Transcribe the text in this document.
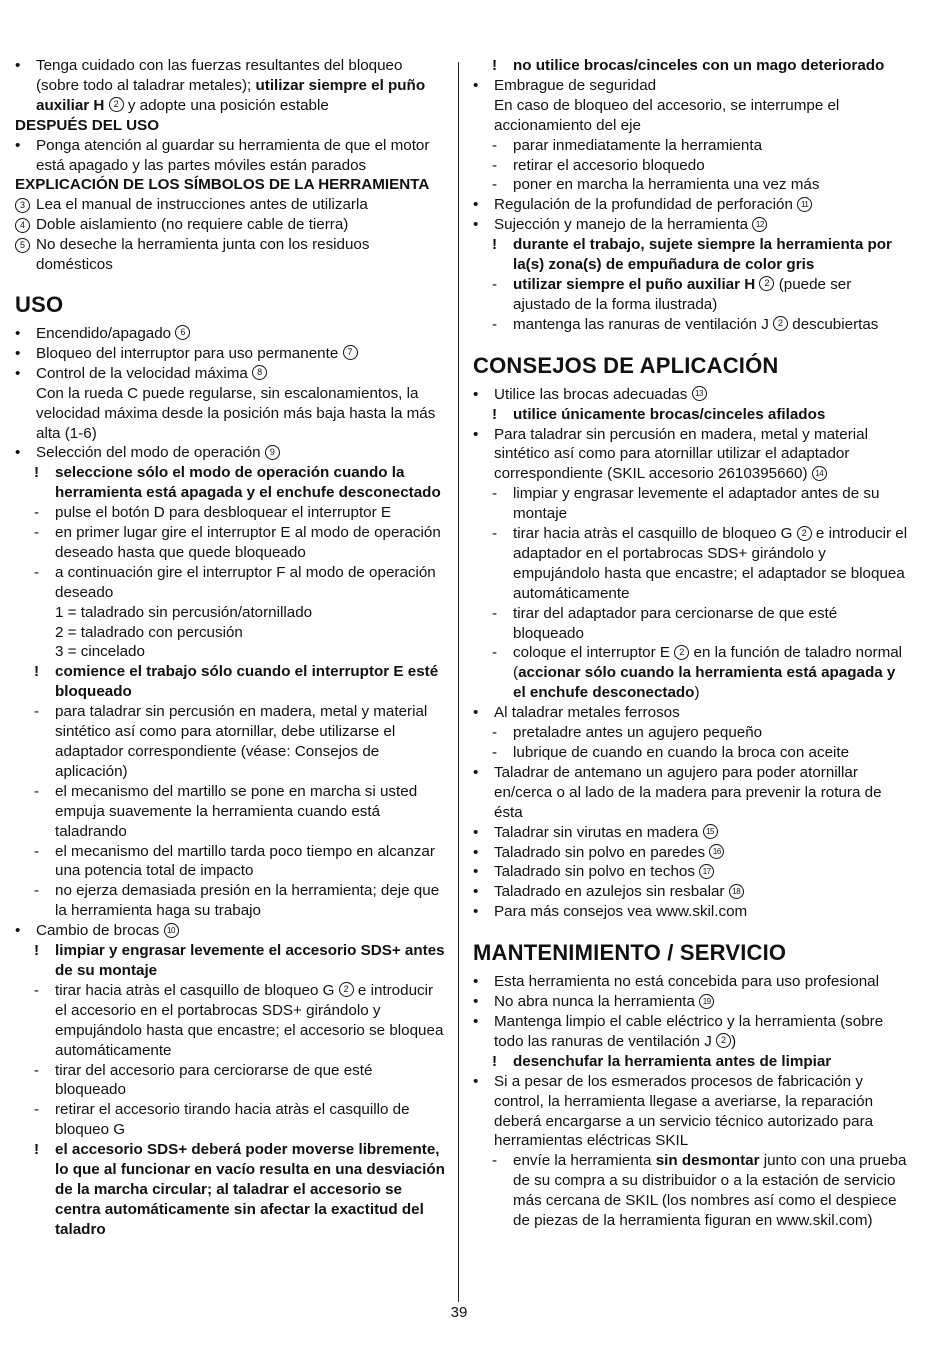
• Tenga cuidado con las fuerzas resultantes del bloqueo (sobre todo al taladrar metales); utilizar siempre el puño auxiliar H 2 y adopte una posición estable
DESPUÉS DEL USO
• Ponga atención al guardar su herramienta de que el motor está apagado y las partes móviles están parados
EXPLICACIÓN DE LOS SÍMBOLOS DE LA HERRAMIENTA
3 Lea el manual de instrucciones antes de utilizarla
4 Doble aislamiento (no requiere cable de tierra)
5 No deseche la herramienta junta con los residuos domésticos
USO
• Encendido/apagado 6
• Bloqueo del interruptor para uso permanente 7
• Control de la velocidad máxima 8
Con la rueda C puede regularse, sin escalonamientos, la velocidad máxima desde la posición más baja hasta la más alta (1-6)
• Selección del modo de operación 9
! seleccione sólo el modo de operación cuando la herramienta está apagada y el enchufe desconectado
- pulse el botón D para desbloquear el interruptor E
- en primer lugar gire el interruptor E al modo de operación deseado hasta que quede bloqueado
- a continuación gire el interruptor F al modo de operación deseado
1 = taladrado sin percusión/atornillado
2 = taladrado con percusión
3 = cincelado
! comience el trabajo sólo cuando el interruptor E esté bloqueado
- para taladrar sin percusión en madera, metal y material sintético así como para atornillar, debe utilizarse el adaptador correspondiente (véase: Consejos de aplicación)
- el mecanismo del martillo se pone en marcha si usted empuja suavemente la herramienta cuando está taladrando
- el mecanismo del martillo tarda poco tiempo en alcanzar una potencia total de impacto
- no ejerza demasiada presión en la herramienta; deje que la herramienta haga su trabajo
• Cambio de brocas 10
! limpiar y engrasar levemente el accesorio SDS+ antes de su montaje
- tirar hacia atràs el casquillo de bloqueo G 2 e introducir el accesorio en el portabrocas SDS+ girándolo y empujándolo hasta que encastre; el accesorio se bloquea automáticamente
- tirar del accesorio para cerciorarse de que esté bloqueado
- retirar el accesorio tirando hacia atràs el casquillo de bloqueo G
! el accesorio SDS+ deberá poder moverse libremente, lo que al funcionar en vacío resulta en una desviación de la marcha circular; al taladrar el accesorio se centra automáticamente sin afectar la exactitud del taladro
! no utilice brocas/cinceles con un mago deteriorado
• Embrague de seguridad
En caso de bloqueo del accesorio, se interrumpe el accionamiento del eje
- parar inmediatamente la herramienta
- retirar el accesorio bloquedo
- poner en marcha la herramienta una vez más
• Regulación de la profundidad de perforación 11
• Sujección y manejo de la herramienta 12
! durante el trabajo, sujete siempre la herramienta por la(s) zona(s) de empuñadura de color gris
- utilizar siempre el puño auxiliar H 2 (puede ser ajustado de la forma ilustrada)
- mantenga las ranuras de ventilación J 2 descubiertas
CONSEJOS DE APLICACIÓN
• Utilice las brocas adecuadas 13
! utilice únicamente brocas/cinceles afilados
• Para taladrar sin percusión en madera, metal y material sintético así como para atornillar utilizar el adaptador correspondiente (SKIL accesorio 2610395660) 14
- limpiar y engrasar levemente el adaptador antes de su montaje
- tirar hacia atràs el casquillo de bloqueo G 2 e introducir el adaptador en el portabrocas SDS+ girándolo y empujándolo hasta que encastre; el adaptador se bloquea automáticamente
- tirar del adaptador para cercionarse de que esté bloqueado
- coloque el interruptor E 2 en la función de taladro normal (accionar sólo cuando la herramienta está apagada y el enchufe desconectado)
• Al taladrar metales ferrosos
- pretaladre antes un agujero pequeño
- lubrique de cuando en cuando la broca con aceite
• Taladrar de antemano un agujero para poder atornillar en/cerca o al lado de la madera para prevenir la rotura de ésta
• Taladrar sin virutas en madera 15
• Taladrado sin polvo en paredes 16
• Taladrado sin polvo en techos 17
• Taladrado en azulejos sin resbalar 18
• Para más consejos vea www.skil.com
MANTENIMIENTO / SERVICIO
• Esta herramienta no está concebida para uso profesional
• No abra nunca la herramienta 19
• Mantenga limpio el cable eléctrico y la herramienta (sobre todo las ranuras de ventilación J 2 )
! desenchufar la herramienta antes de limpiar
• Si a pesar de los esmerados procesos de fabricación y control, la herramienta llegase a averiarse, la reparación deberá encargarse a un servicio técnico autorizado para herramientas eléctricas SKIL
- envíe la herramienta sin desmontar junto con una prueba de su compra a su distribuidor o a la estación de servicio más cercana de SKIL (los nombres así como el despiece de piezas de la herramienta figuran en www.skil.com)
39
